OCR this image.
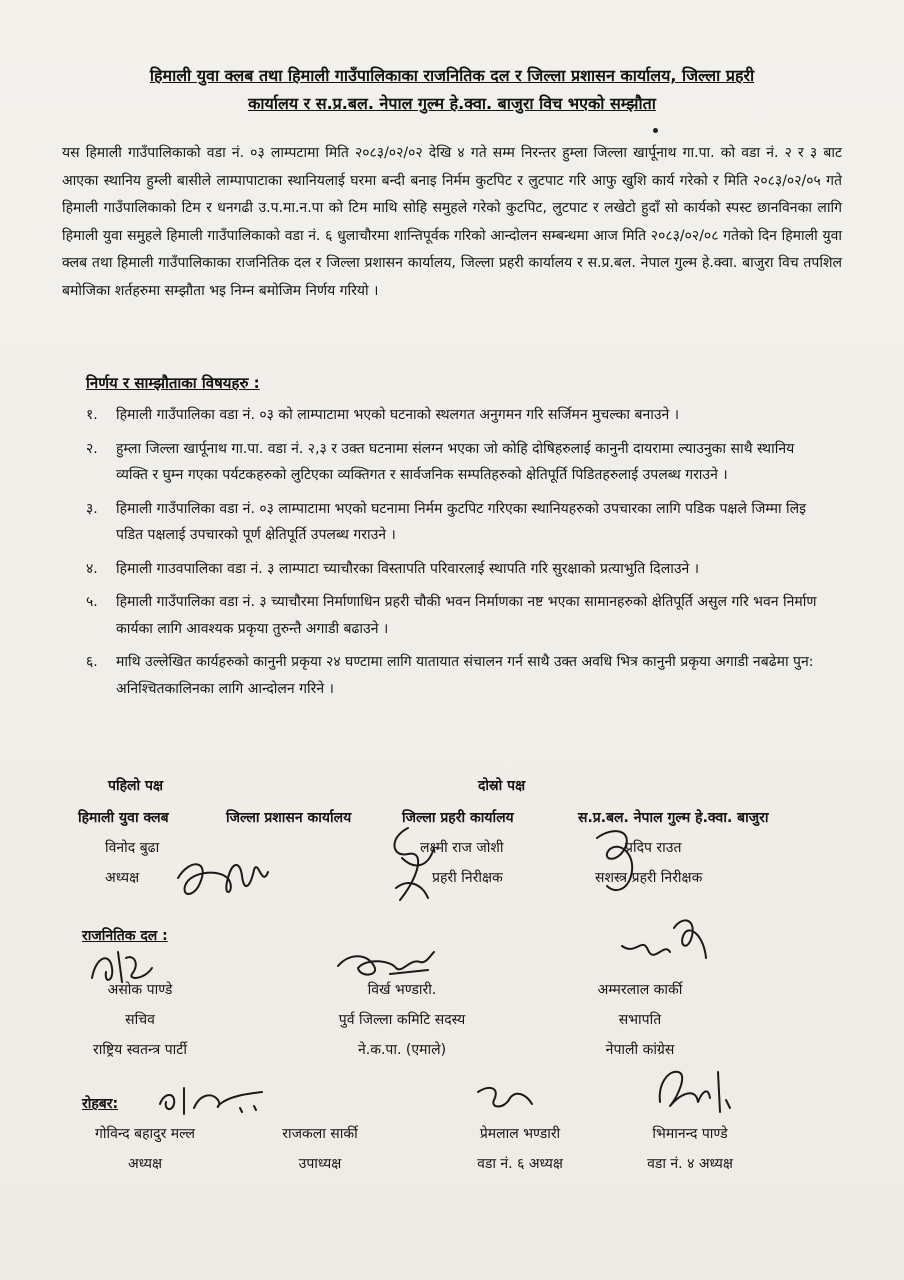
हिमाली युवा क्लब तथा हिमाली गाउँपालिकाका राजनितिक दल र जिल्ला प्रशासन कार्यालय, जिल्ला प्रहरी
कार्यालय र स.प्र.बल. नेपाल गुल्म हे.क्वा. बाजुरा विच भएको सम्झौता
यस हिमाली गाउँपालिकाको वडा नं. ०३ लाम्पटामा मिति २०८३/०२/०२ देखि ४ गते सम्म निरन्तर हुम्ला जिल्ला खार्पूनाथ गा.पा. को वडा नं. २ र ३ बाट आएका स्थानिय हुम्ली बासीले लाम्पापाटाका स्थानियलाई घरमा बन्दी बनाइ निर्मम कुटपिट र लुटपाट गरि आफु खुशि कार्य गरेको र मिति २०८३/०२/०५ गते हिमाली गाउँपालिकाको टिम र धनगढी उ.प.मा.न.पा को टिम माथि सोहि समुहले गरेको कुटपिट, लुटपाट र लखेटो हुदाँ सो कार्यको स्पस्ट छानविनका लागि हिमाली युवा समुहले हिमाली गाउँपालिकाको वडा नं. ६ धुलाचौरमा शान्तिपूर्वक गरिको आन्दोलन सम्बन्धमा आज मिति २०८३/०२/०८ गतेको दिन हिमाली युवा क्लब तथा हिमाली गाउँपालिकाका राजनितिक दल र जिल्ला प्रशासन कार्यालय, जिल्ला प्रहरी कार्यालय र स.प्र.बल. नेपाल गुल्म हे.क्वा. बाजुरा विच तपशिल बमोजिका शर्तहरुमा सम्झौता भइ निम्न बमोजिम निर्णय गरियो ।
निर्णय र साम्झौताका विषयहरु :
१.	हिमाली गाउँपालिका वडा नं. ०३ को लाम्पाटामा भएको घटनाको स्थलगत अनुगमन गरि सर्जिमन मुचल्का बनाउने ।
२.	हुम्ला जिल्ला खार्पूनाथ गा.पा. वडा नं. २,३ र उक्त घटनामा संलग्न भएका जो कोहि दोषिहरुलाई कानुनी दायरामा ल्याउनुका साथै स्थानिय व्यक्ति र घुम्न गएका पर्यटकहरुको लुटिएका व्यक्तिगत र सार्वजनिक सम्पतिहरुको क्षेतिपूर्ति पिडितहरुलाई उपलब्ध गराउने ।
३.	हिमाली गाउँपालिका वडा नं. ०३ लाम्पाटामा भएको घटनामा निर्मम कुटपिट गरिएका स्थानियहरुको उपचारका लागि पडिक पक्षले जिम्मा लिइ पडित पक्षलाई उपचारको पूर्ण क्षेतिपूर्ति उपलब्ध गराउने ।
४.	हिमाली गाउवपालिका वडा नं. ३ लाम्पाटा च्याचौरका विस्तापति परिवारलाई स्थापति गरि सुरक्षाको प्रत्याभुति दिलाउने ।
५.	हिमाली गाउँपालिका वडा नं. ३ च्याचौरमा निर्माणाधिन प्रहरी चौकी भवन निर्माणका नष्ट भएका सामानहरुको क्षेतिपूर्ति असुल गरि भवन निर्माण कार्यका लागि आवश्यक प्रकृया तुरुन्तै अगाडी बढाउने ।
६.	माथि उल्लेखित कार्यहरुको कानुनी प्रकृया २४ घण्टामा लागि यातायात संचालन गर्न साथै उक्त अवधि भित्र कानुनी प्रकृया अगाडी नबढेमा पुन: अनिश्चितकालिनका लागि आन्दोलन गरिने ।
पहिलो पक्ष	दोस्रो पक्ष
हिमाली युवा क्लब
विनोद बुढा
अध्यक्ष
जिल्ला प्रशासन कार्यालय	जिल्ला प्रहरी कार्यालय
लक्ष्मी राज जोशी
प्रहरी निरीक्षक
स.प्र.बल. नेपाल गुल्म हे.क्वा. बाजुरा
प्रदिप राउत
सशस्त्र प्रहरी निरीक्षक
राजनितिक दल :
असोक पाण्डे
सचिव
राष्ट्रिय स्वतन्त्र पार्टी
विर्ख भण्डारी.
पुर्व जिल्ला कमिटि सदस्य
ने.क.पा. (एमाले)
अम्मरलाल कार्की
सभापति
नेपाली कांग्रेस
रोहबर:
गोविन्द बहादुर मल्ल
अध्यक्ष
राजकला सार्की
उपाध्यक्ष
प्रेमलाल भण्डारी
वडा नं. ६ अध्यक्ष
भिमानन्द पाण्डे
वडा नं. ४ अध्यक्ष
